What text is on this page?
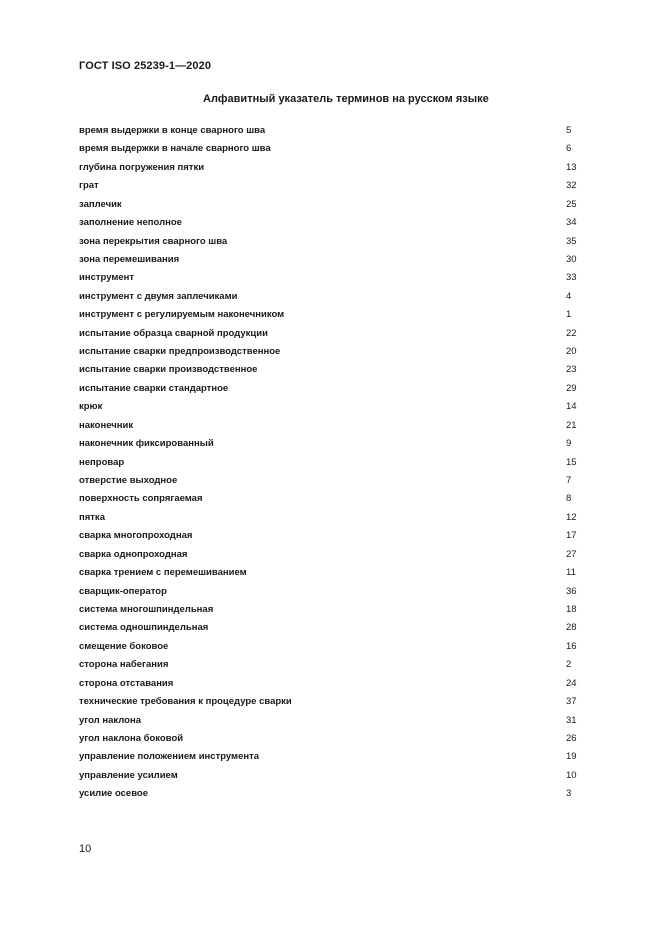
ГОСТ ISO 25239-1—2020
Алфавитный указатель терминов на русском языке
время выдержки в конце сварного шва	5
время выдержки в начале сварного шва	6
глубина погружения пятки	13
грат	32
заплечик	25
заполнение неполное	34
зона перекрытия сварного шва	35
зона перемешивания	30
инструмент	33
инструмент с двумя заплечиками	4
инструмент с регулируемым наконечником	1
испытание образца сварной продукции	22
испытание сварки предпроизводственное	20
испытание сварки производственное	23
испытание сварки стандартное	29
крюк	14
наконечник	21
наконечник фиксированный	9
непровар	15
отверстие выходное	7
поверхность сопрягаемая	8
пятка	12
сварка многопроходная	17
сварка однопроходная	27
сварка трением с перемешиванием	11
сварщик-оператор	36
система многошпиндельная	18
система одношпиндельная	28
смещение боковое	16
сторона набегания	2
сторона отставания	24
технические требования к процедуре сварки	37
угол наклона	31
угол наклона боковой	26
управление положением инструмента	19
управление усилием	10
усилие осевое	3
10
